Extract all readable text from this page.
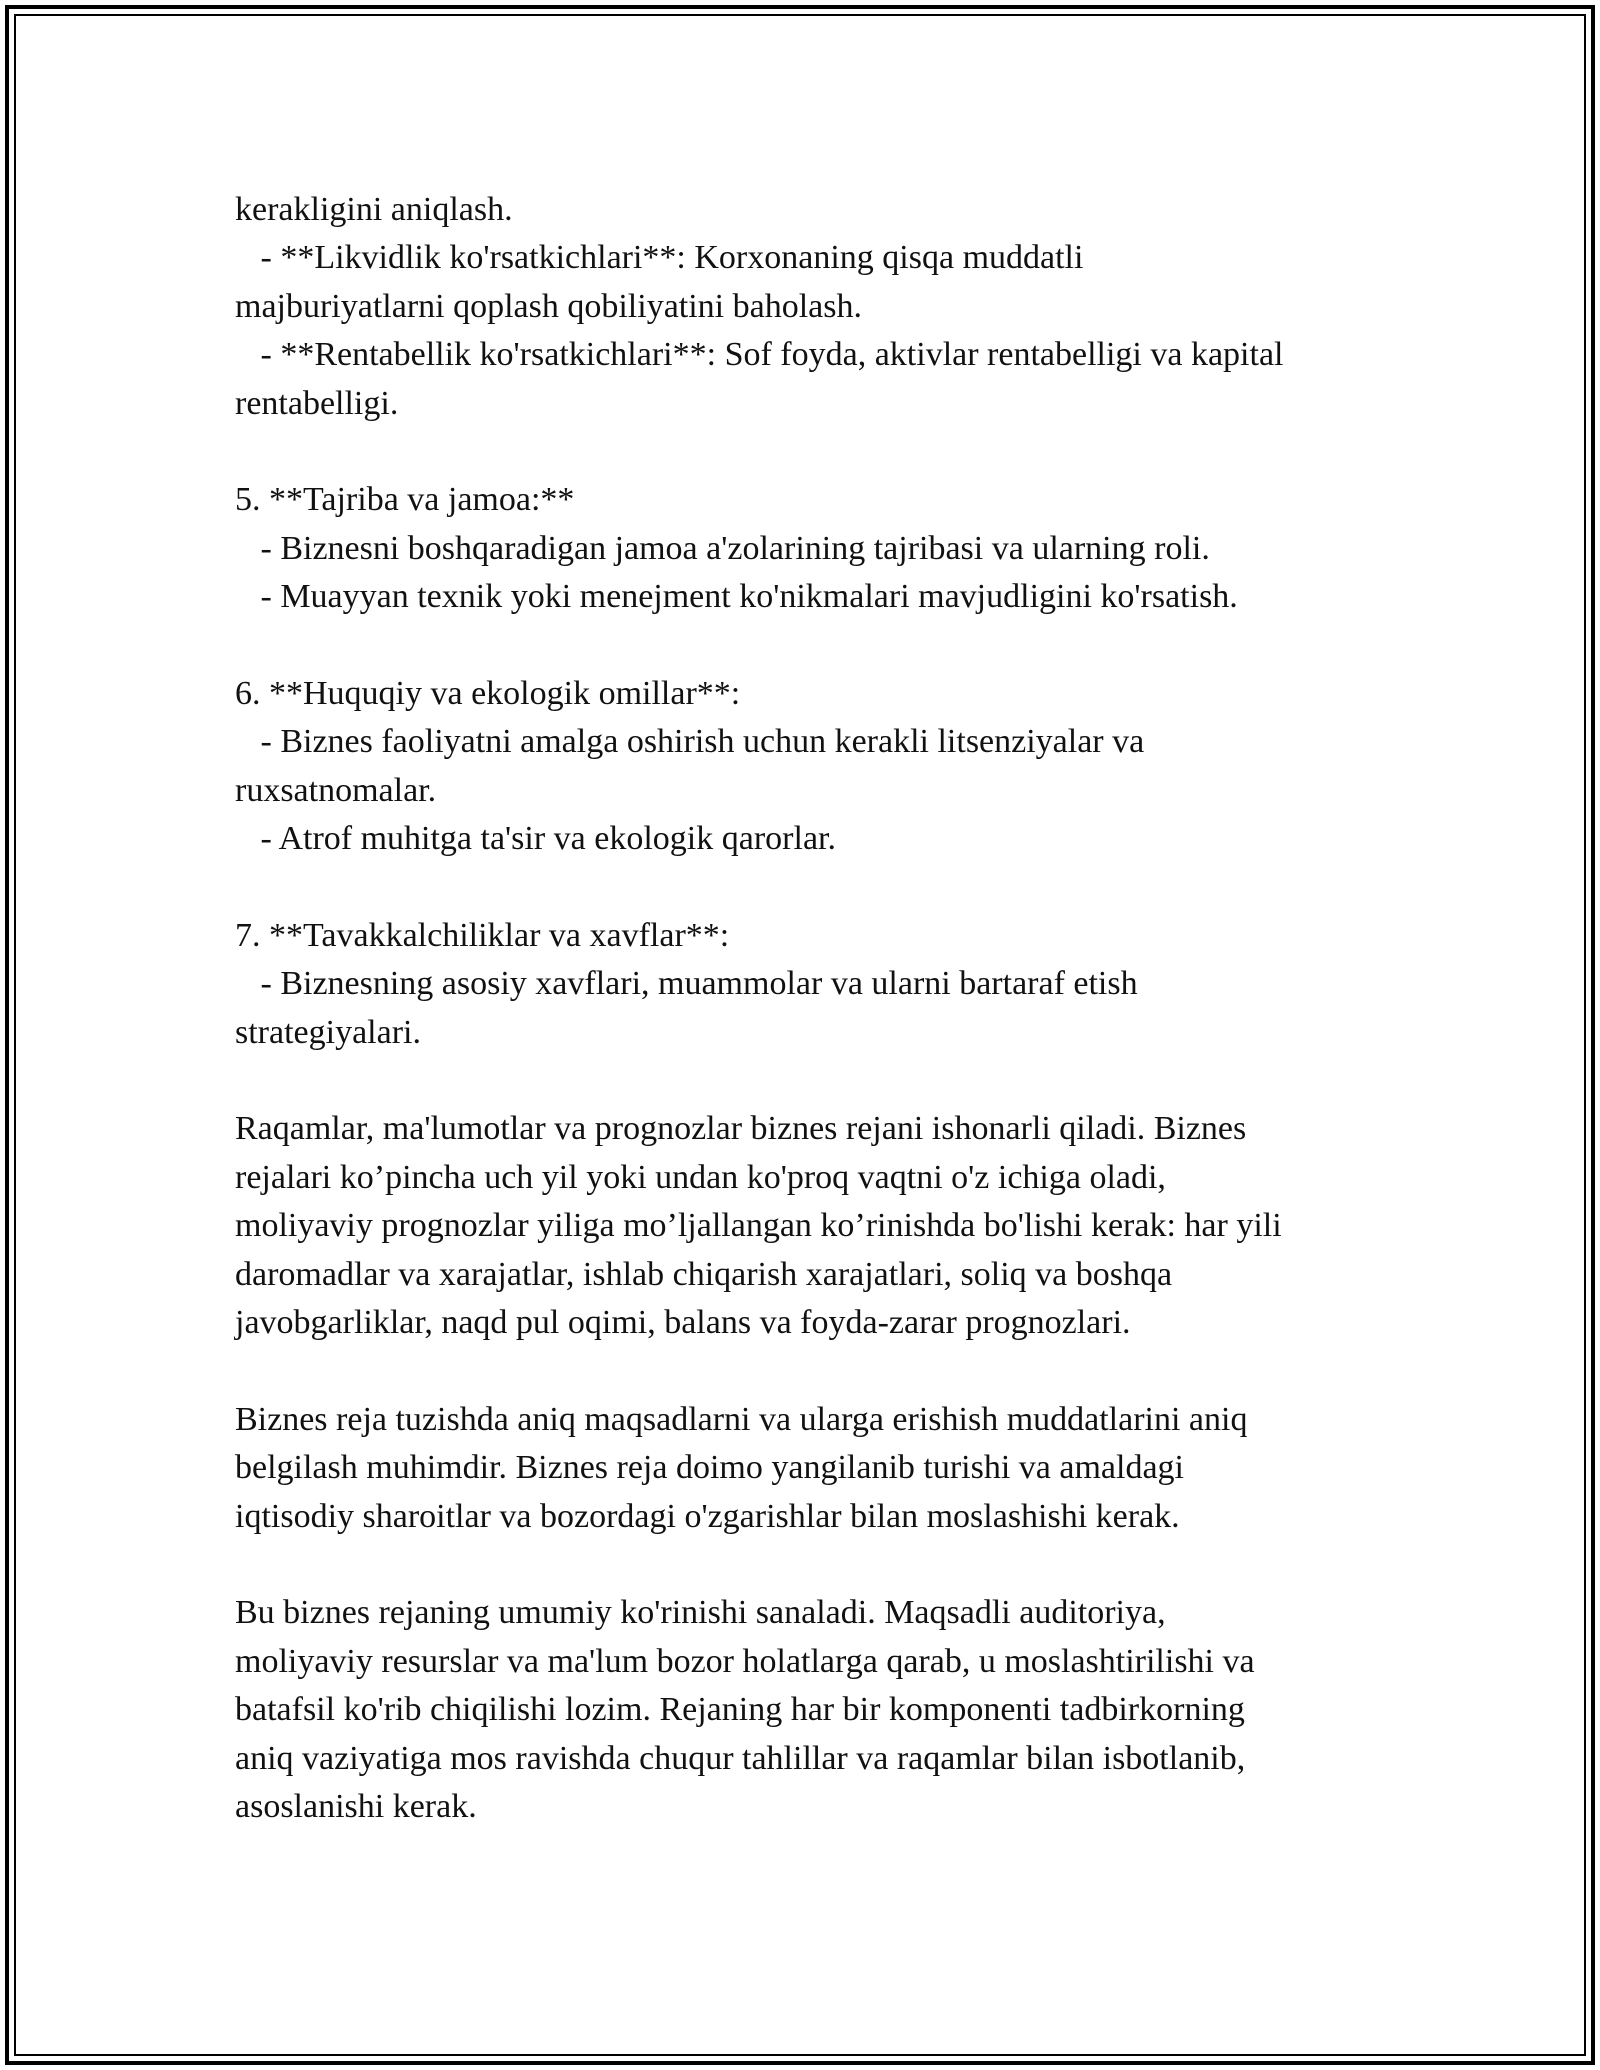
kerakligini aniqlash.
- **Likvidlik ko'rsatkichlari**: Korxonaning qisqa muddatli
majburiyatlarni qoplash qobiliyatini baholash.
- **Rentabellik ko'rsatkichlari**: Sof foyda, aktivlar rentabelligi va kapital
rentabelligi.
5. **Tajriba va jamoa:**
- Biznesni boshqaradigan jamoa a'zolarining tajribasi va ularning roli.
- Muayyan texnik yoki menejment ko'nikmalari mavjudligini ko'rsatish.
6. **Huquqiy va ekologik omillar**:
- Biznes faoliyatni amalga oshirish uchun kerakli litsenziyalar va
ruxsatnomalar.
- Atrof muhitga ta'sir va ekologik qarorlar.
7. **Tavakkalchiliklar va xavflar**:
- Biznesning asosiy xavflari, muammolar va ularni bartaraf etish
strategiyalari.
Raqamlar, ma'lumotlar va prognozlar biznes rejani ishonarli qiladi. Biznes
rejalari ko’pincha uch yil yoki undan ko'proq vaqtni o'z ichiga oladi,
moliyaviy prognozlar yiliga mo’ljallangan ko’rinishda bo'lishi kerak: har yili
daromadlar va xarajatlar, ishlab chiqarish xarajatlari, soliq va boshqa
javobgarliklar, naqd pul oqimi, balans va foyda-zarar prognozlari.
Biznes reja tuzishda aniq maqsadlarni va ularga erishish muddatlarini aniq
belgilash muhimdir. Biznes reja doimo yangilanib turishi va amaldagi
iqtisodiy sharoitlar va bozordagi o'zgarishlar bilan moslashishi kerak.
Bu biznes rejaning umumiy ko'rinishi sanaladi. Maqsadli auditoriya,
moliyaviy resurslar va ma'lum bozor holatlarga qarab, u moslashtirilishi va
batafsil ko'rib chiqilishi lozim. Rejaning har bir komponenti tadbirkorning
aniq vaziyatiga mos ravishda chuqur tahlillar va raqamlar bilan isbotlanib,
asoslanishi kerak.
